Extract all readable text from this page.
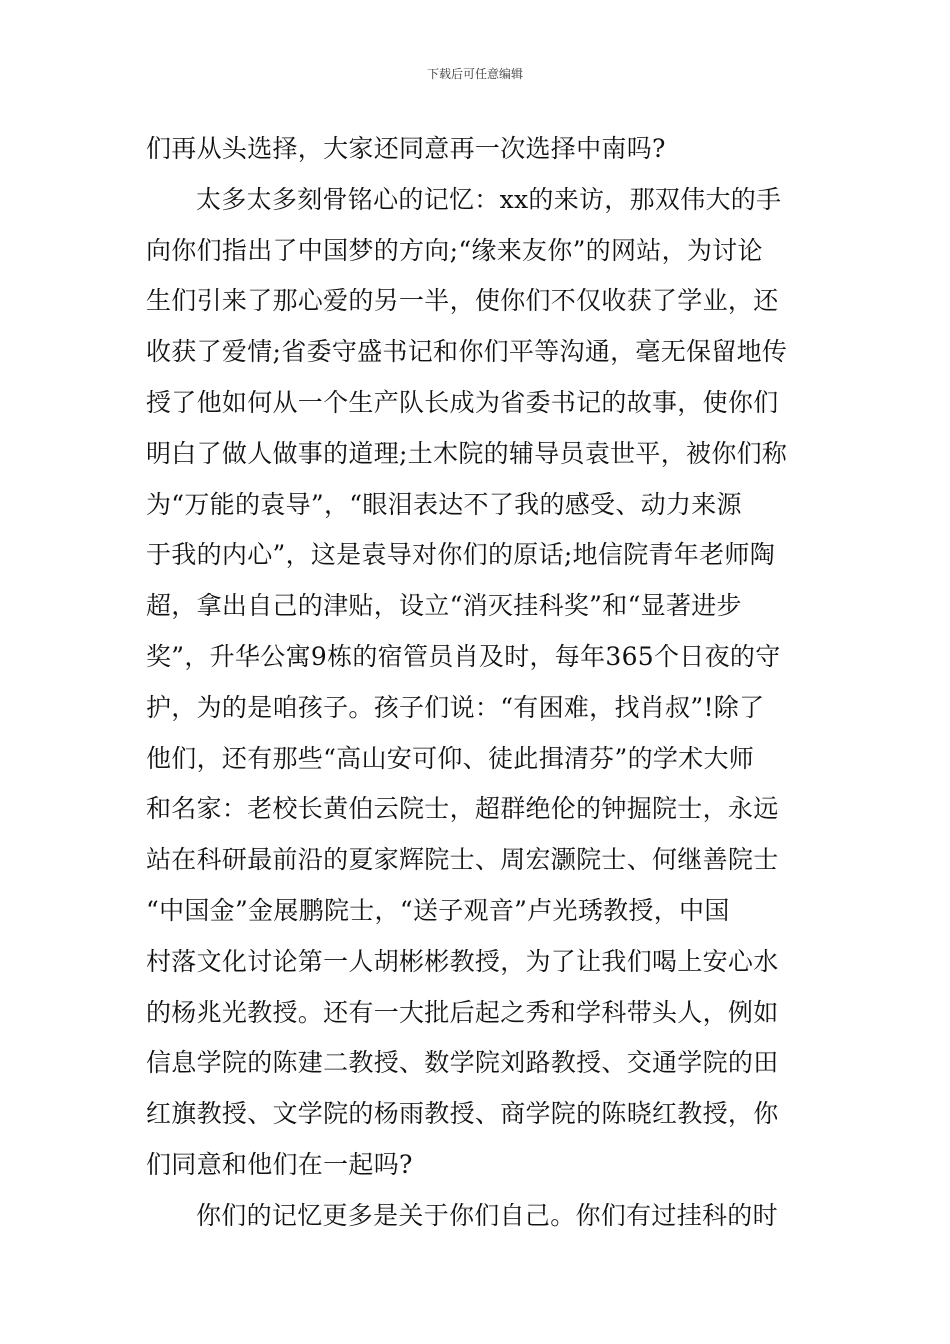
下载后可任意编辑
们再从头选择，大家还同意再一次选择中南吗?
太多太多刻骨铭心的记忆：xx的来访，那双伟大的手
向你们指出了中国梦的方向;“缘来友你”的网站，为讨论
生们引来了那心爱的另一半，使你们不仅收获了学业，还
收获了爱情;省委守盛书记和你们平等沟通，毫无保留地传
授了他如何从一个生产队长成为省委书记的故事，使你们
明白了做人做事的道理;土木院的辅导员袁世平，被你们称
为“万能的袁导”，“眼泪表达不了我的感受、动力来源
于我的内心”，这是袁导对你们的原话;地信院青年老师陶
超，拿出自己的津贴，设立“消灭挂科奖”和“显著进步
奖”，升华公寓9栋的宿管员肖及时，每年365个日夜的守
护，为的是咱孩子。孩子们说：“有困难，找肖叔”!除了
他们，还有那些“高山安可仰、徒此揖清芬”的学术大师
和名家：老校长黄伯云院士，超群绝伦的钟掘院士，永远
站在科研最前沿的夏家辉院士、周宏灏院士、何继善院士
“中国金”金展鹏院士，“送子观音”卢光琇教授，中国
村落文化讨论第一人胡彬彬教授，为了让我们喝上安心水
的杨兆光教授。还有一大批后起之秀和学科带头人，例如
信息学院的陈建二教授、数学院刘路教授、交通学院的田
红旗教授、文学院的杨雨教授、商学院的陈晓红教授，你
们同意和他们在一起吗?
你们的记忆更多是关于你们自己。你们有过挂科的时
